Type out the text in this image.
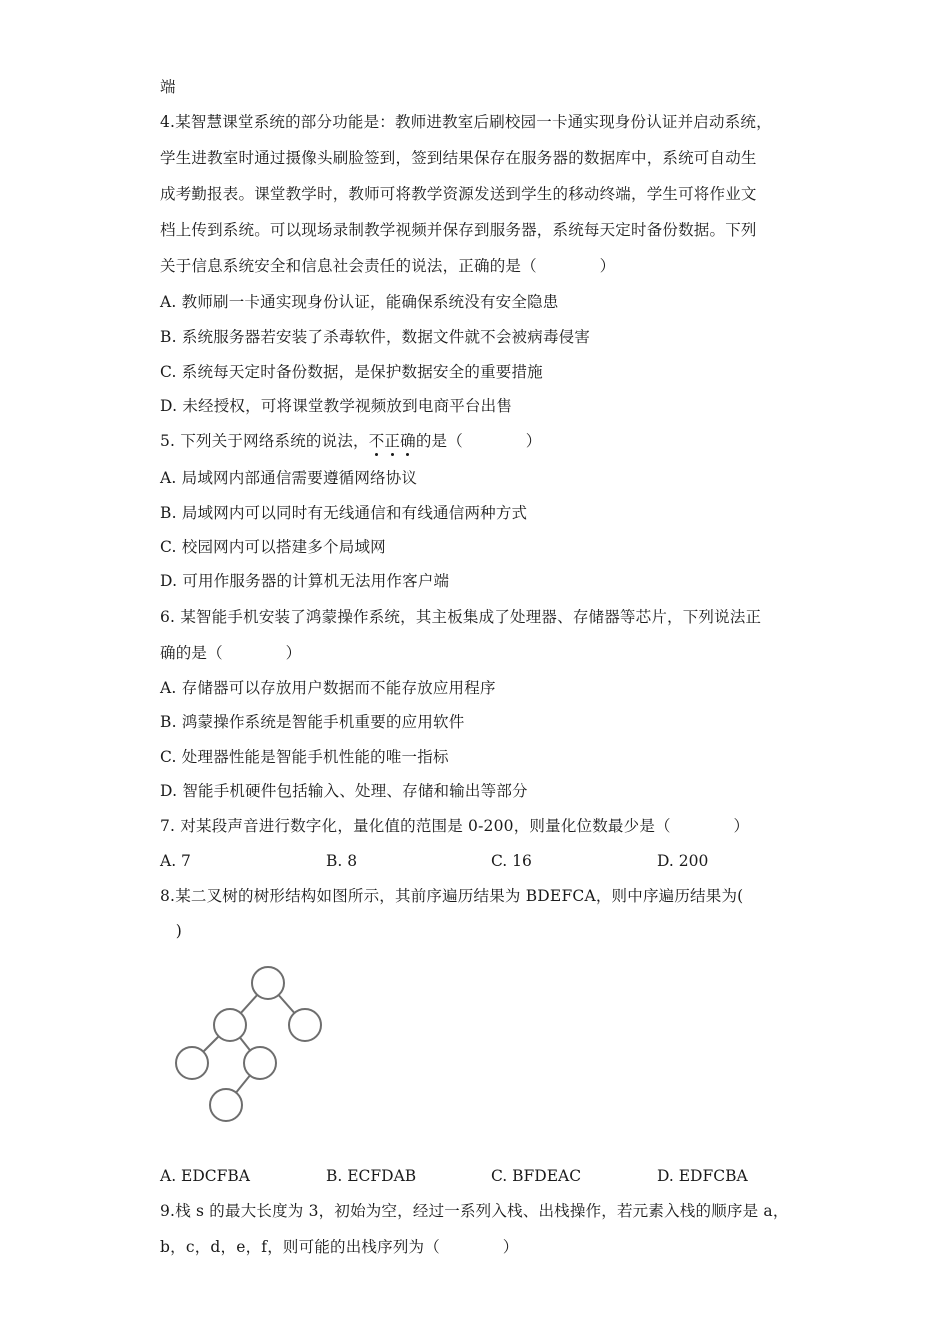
端
4.某智慧课堂系统的部分功能是：教师进教室后刷校园一卡通实现身份认证并启动系统，
学生进教室时通过摄像头刷脸签到，签到结果保存在服务器的数据库中，系统可自动生
成考勤报表。课堂教学时，教师可将教学资源发送到学生的移动终端，学生可将作业文
档上传到系统。可以现场录制教学视频并保存到服务器，系统每天定时备份数据。下列
关于信息系统安全和信息社会责任的说法，正确的是（　　　　）
A. 教师刷一卡通实现身份认证，能确保系统没有安全隐患
B. 系统服务器若安装了杀毒软件，数据文件就不会被病毒侵害
C. 系统每天定时备份数据，是保护数据安全的重要措施
D. 未经授权，可将课堂教学视频放到电商平台出售
5. 下列关于网络系统的说法，不正确的是（　　　　）
A. 局域网内部通信需要遵循网络协议
B. 局域网内可以同时有无线通信和有线通信两种方式
C. 校园网内可以搭建多个局域网
D. 可用作服务器的计算机无法用作客户端
6. 某智能手机安装了鸿蒙操作系统，其主板集成了处理器、存储器等芯片，下列说法正
确的是（　　　　）
A. 存储器可以存放用户数据而不能存放应用程序
B. 鸿蒙操作系统是智能手机重要的应用软件
C. 处理器性能是智能手机性能的唯一指标
D. 智能手机硬件包括输入、处理、存储和输出等部分
7. 对某段声音进行数字化，量化值的范围是 0-200，则量化位数最少是（　　　　）
A. 7	B. 8	C. 16	D. 200
8.某二叉树的树形结构如图所示，其前序遍历结果为 BDEFCA，则中序遍历结果为(
　)
A. EDCFBA	B. ECFDAB	C. BFDEAC	D. EDFCBA
9.栈 s 的最大长度为 3，初始为空，经过一系列入栈、出栈操作，若元素入栈的顺序是 a，
b，c，d，e，f，则可能的出栈序列为（　　　　）
